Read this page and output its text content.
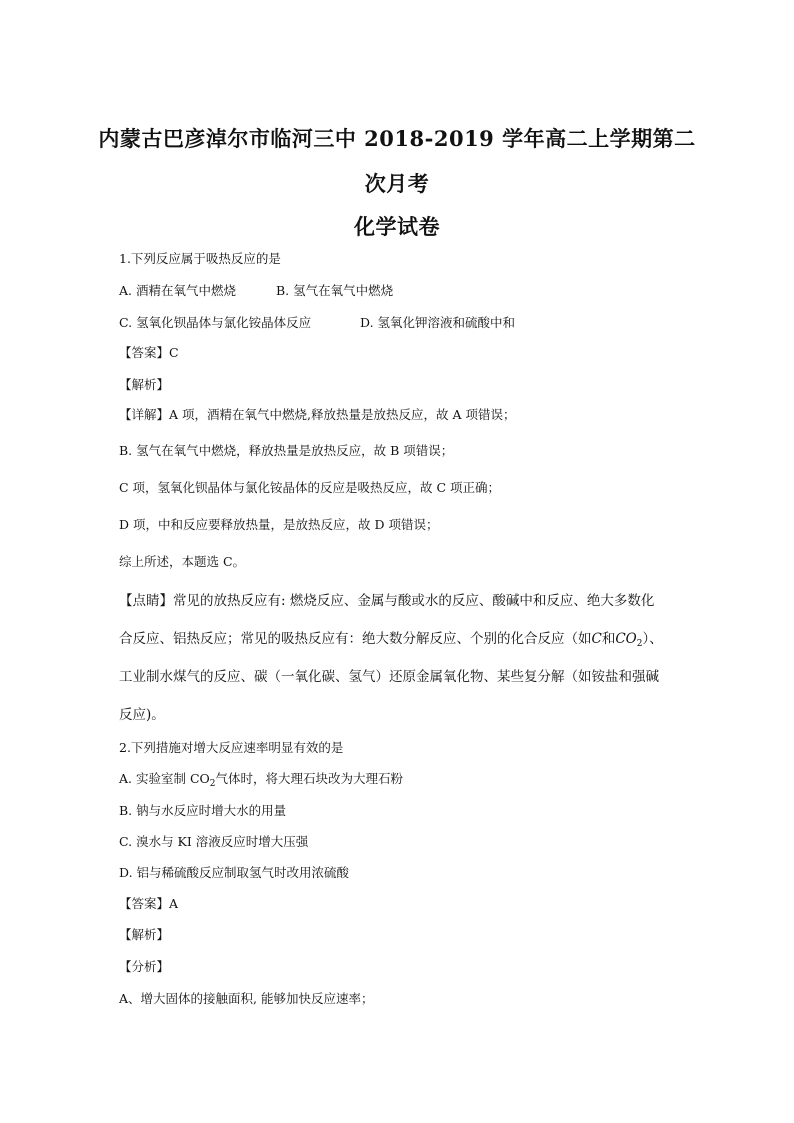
内蒙古巴彦淖尔市临河三中 2018-2019 学年高二上学期第二
次月考
化学试卷
1.下列反应属于吸热反应的是
A. 酒精在氧气中燃烧	B. 氢气在氧气中燃烧
C. 氢氧化钡晶体与氯化铵晶体反应	D. 氢氧化钾溶液和硫酸中和
【答案】C
【解析】
【详解】A 项，酒精在氧气中燃烧,释放热量是放热反应，故 A 项错误；
B. 氢气在氧气中燃烧，释放热量是放热反应，故 B 项错误；
C 项，氢氧化钡晶体与氯化铵晶体的反应是吸热反应，故 C 项正确；
D 项，中和反应要释放热量，是放热反应，故 D 项错误；
综上所述，本题选 C。
【点睛】常见的放热反应有: 燃烧反应、金属与酸或水的反应、酸碱中和反应、绝大多数化
合反应、铝热反应；常见的吸热反应有：绝大数分解反应、个别的化合反应（如C和$CO_2$）、
工业制水煤气的反应、碳（一氧化碳、氢气）还原金属氧化物、某些复分解（如铵盐和强碱
反应)。
2.下列措施对增大反应速率明显有效的是
A. 实验室制 $CO_2$气体时，将大理石块改为大理石粉
B. 钠与水反应时增大水的用量
C. 溴水与 KI 溶液反应时增大压强
D. 铝与稀硫酸反应制取氢气时改用浓硫酸
【答案】A
【解析】
【分析】
A、增大固体的接触面积, 能够加快反应速率；
